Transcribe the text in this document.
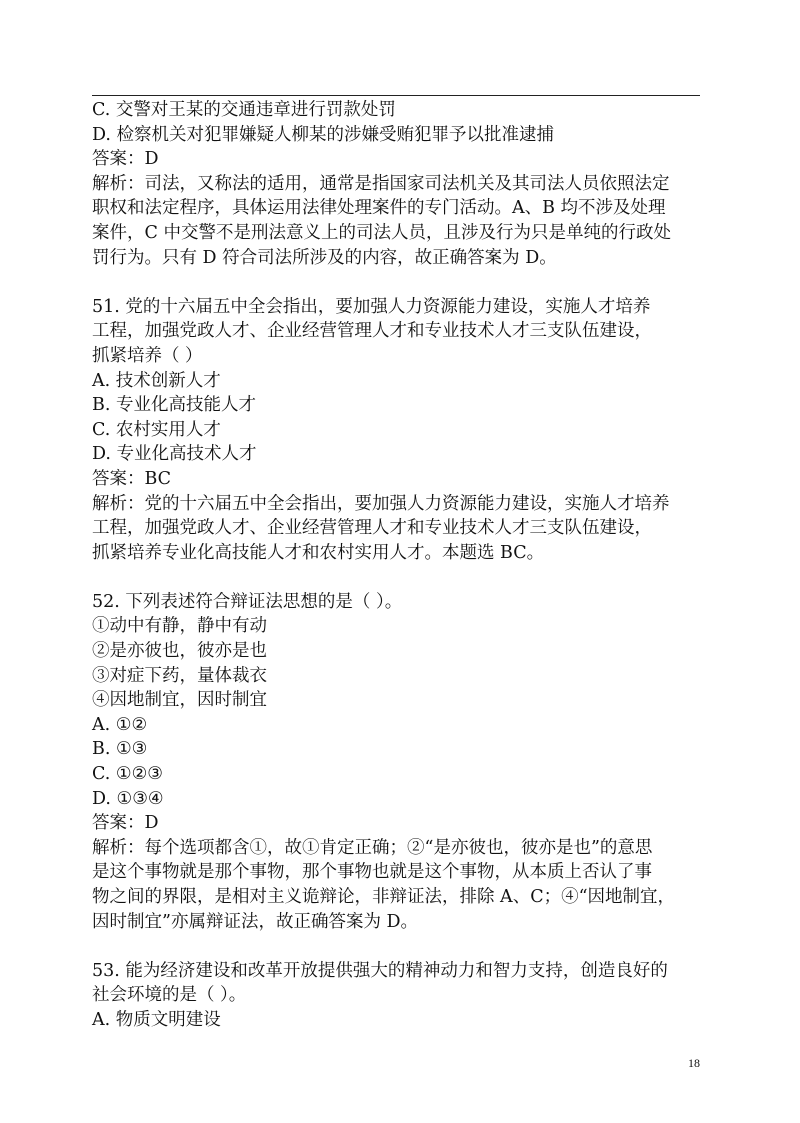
C. 交警对王某的交通违章进行罚款处罚
D. 检察机关对犯罪嫌疑人柳某的涉嫌受贿犯罪予以批准逮捕
答案：D
解析：司法，又称法的适用，通常是指国家司法机关及其司法人员依照法定
职权和法定程序，具体运用法律处理案件的专门活动。A、B 均不涉及处理
案件，C 中交警不是刑法意义上的司法人员，且涉及行为只是单纯的行政处
罚行为。只有 D 符合司法所涉及的内容，故正确答案为 D。
51. 党的十六届五中全会指出，要加强人力资源能力建设，实施人才培养
工程，加强党政人才、企业经营管理人才和专业技术人才三支队伍建设，
抓紧培养（ ）
A. 技术创新人才
B. 专业化高技能人才
C. 农村实用人才
D. 专业化高技术人才
答案：BC
解析：党的十六届五中全会指出，要加强人力资源能力建设，实施人才培养
工程，加强党政人才、企业经营管理人才和专业技术人才三支队伍建设，
抓紧培养专业化高技能人才和农村实用人才。本题选 BC。
52. 下列表述符合辩证法思想的是（ ）。
①动中有静，静中有动
②是亦彼也，彼亦是也
③对症下药，量体裁衣
④因地制宜，因时制宜
A. ①②
B. ①③
C. ①②③
D. ①③④
答案：D
解析：每个选项都含①，故①肯定正确；②“是亦彼也，彼亦是也”的意思
是这个事物就是那个事物，那个事物也就是这个事物，从本质上否认了事
物之间的界限，是相对主义诡辩论，非辩证法，排除 A、C；④“因地制宜，
因时制宜”亦属辩证法，故正确答案为 D。
53. 能为经济建设和改革开放提供强大的精神动力和智力支持，创造良好的
社会环境的是（ ）。
A. 物质文明建设
18
